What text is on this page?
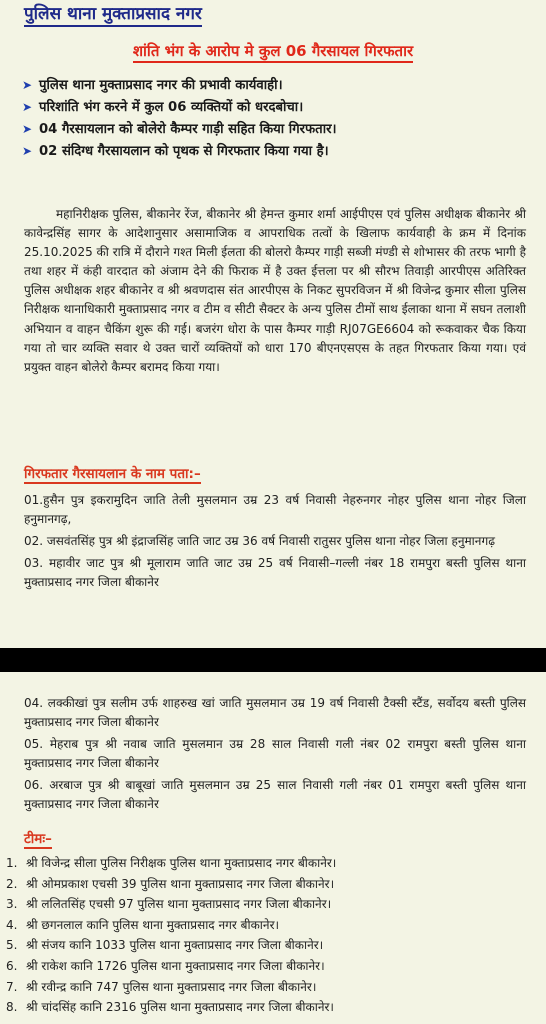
पुलिस थाना मुक्ताप्रसाद नगर
शांति भंग के आरोप मे कुल 06 गैरसायल गिरफतार
➤ पुलिस थाना मुक्ताप्रसाद नगर की प्रभावी कार्यवाही।
➤ परिशांति भंग करने में कुल 06 व्यक्तियों को धरदबोचा।
➤ 04 गैरसायलान को बोलेरो कैम्पर गाड़ी सहित किया गिरफतार।
➤ 02 संदिग्ध गैरसायलान को पृथक से गिरफतार किया गया है।

महानिरीक्षक पुलिस, बीकानेर रेंज, बीकानेर श्री हेमन्त कुमार शर्मा आईपीएस एवं पुलिस अधीक्षक बीकानेर श्री कावेन्द्रसिंह सागर के आदेशानुसार असामाजिक व आपराधिक तत्वों के खिलाफ कार्यवाही के क्रम में दिनांक 25.10.2025 की रात्रि में दौराने गश्त मिली ईलता की बोलरो कैम्पर गाड़ी सब्जी मंण्डी से शोभासर की तरफ भागी है तथा शहर में कंही वारदात को अंजाम देने की फिराक में है उक्त ईत्तला पर श्री सौरभ तिवाड़ी आरपीएस अतिरिक्त पुलिस अधीक्षक शहर बीकानेर व श्री श्रवणदास संत आरपीएस के निकट सुपरविजन में श्री विजेन्द्र कुमार सीला पुलिस निरीक्षक थानाधिकारी मुक्ताप्रसाद नगर व टीम व सीटी सैक्टर के अन्य पुलिस टीमों साथ ईलाका थाना में सघन तलाशी अभियान व वाहन चैकिंग शुरू की गई। बजरंग धोरा के पास कैम्पर गाड़ी RJ07GE6604 को रूकवाकर चैक किया गया तो चार व्यक्ति सवार थे उक्त चारों व्यक्तियों को धारा 170 बीएनएसएस के तहत गिरफतार किया गया। एवं प्रयुक्त वाहन बोलेरो कैम्पर बरामद किया गया।

गिरफतार गैरसायलान के नाम पता:–
01.हुसैन पुत्र इकरामुदिन जाति तेली मुसलमान उम्र 23 वर्ष निवासी नेहरुनगर नोहर पुलिस थाना नोहर जिला हनुमानगढ़,
02. जसवंतसिंह पुत्र श्री इंद्राजसिंह जाति जाट उम्र 36 वर्ष निवासी रातुसर पुलिस थाना नोहर जिला हनुमानगढ़
03. महावीर जाट पुत्र श्री मूलाराम जाति जाट उम्र 25 वर्ष निवासी–गल्ली नंबर 18 रामपुरा बस्ती पुलिस थाना मुक्ताप्रसाद नगर जिला बीकानेर
04. लक्कीखां पुत्र सलीम उर्फ शाहरुख खां जाति मुसलमान उम्र 19 वर्ष निवासी टैक्सी स्टैंड, सर्वोदय बस्ती पुलिस मुक्ताप्रसाद नगर जिला बीकानेर
05. मेहराब पुत्र श्री नवाब जाति मुसलमान उम्र 28 साल निवासी गली नंबर 02 रामपुरा बस्ती पुलिस थाना मुक्ताप्रसाद नगर जिला बीकानेर
06. अरबाज पुत्र श्री बाबूखां जाति मुसलमान उम्र 25 साल निवासी गली नंबर 01 रामपुरा बस्ती पुलिस थाना मुक्ताप्रसाद नगर जिला बीकानेर
टीमः–
1. श्री विजेन्द्र सीला पुलिस निरीक्षक पुलिस थाना मुक्ताप्रसाद नगर बीकानेर।
2. श्री ओमप्रकाश एचसी 39 पुलिस थाना मुक्ताप्रसाद नगर जिला बीकानेर।
3. श्री ललितसिंह एचसी 97 पुलिस थाना मुक्ताप्रसाद नगर जिला बीकानेर।
4. श्री छगनलाल कानि पुलिस थाना मुक्ताप्रसाद नगर बीकानेर।
5. श्री संजय कानि 1033 पुलिस थाना मुक्ताप्रसाद नगर जिला बीकानेर।
6. श्री राकेश कानि 1726 पुलिस थाना मुक्ताप्रसाद नगर जिला बीकानेर।
7. श्री रवीन्द्र कानि 747 पुलिस थाना मुक्ताप्रसाद नगर जिला बीकानेर।
8. श्री चांदसिंह कानि 2316 पुलिस थाना मुक्ताप्रसाद नगर जिला बीकानेर।
